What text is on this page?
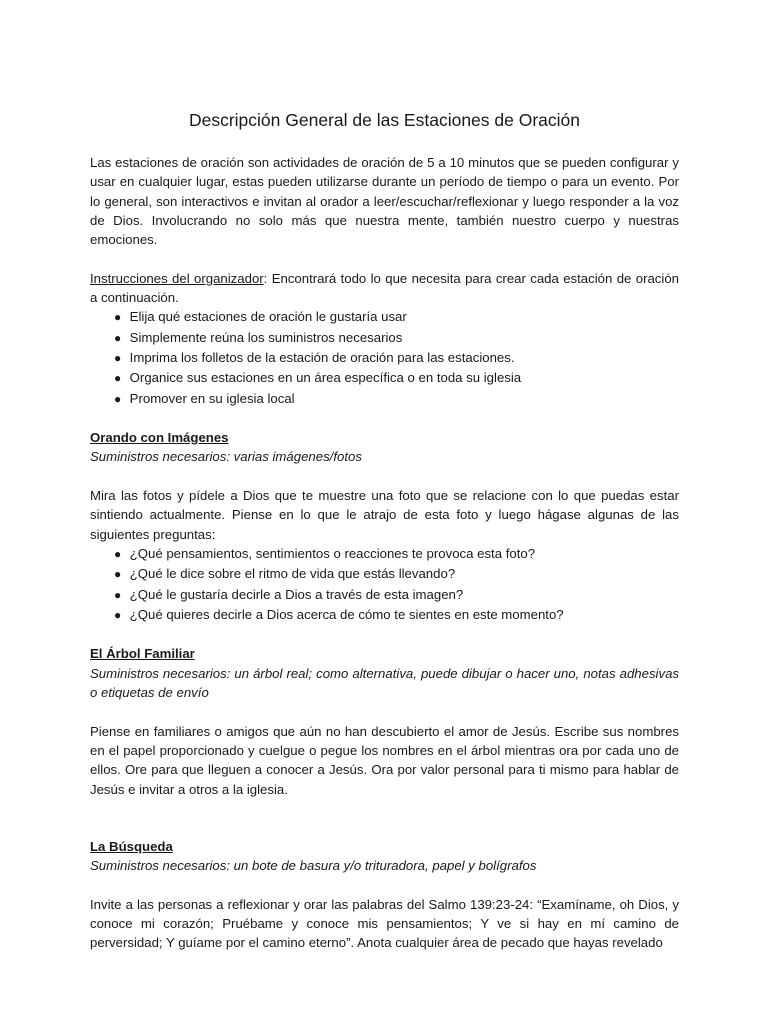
Descripción General de las Estaciones de Oración

Las estaciones de oración son actividades de oración de 5 a 10 minutos que se pueden configurar y usar en cualquier lugar, estas pueden utilizarse durante un período de tiempo o para un evento. Por lo general, son interactivos e invitan al orador a leer/escuchar/reflexionar y luego responder a la voz de Dios. Involucrando no solo más que nuestra mente, también nuestro cuerpo y nuestras emociones.

Instrucciones del organizador: Encontrará todo lo que necesita para crear cada estación de oración a continuación.

● Elija qué estaciones de oración le gustaría usar
● Simplemente reúna los suministros necesarios
● Imprima los folletos de la estación de oración para las estaciones.
● Organice sus estaciones en un área específica o en toda su iglesia
● Promover en su iglesia local
Orando con Imágenes

Suministros necesarios: varias imágenes/fotos

Mira las fotos y pídele a Dios que te muestre una foto que se relacione con lo que puedas estar sintiendo actualmente. Piense en lo que le atrajo de esta foto y luego hágase algunas de las siguientes preguntas:

● ¿Qué pensamientos, sentimientos o reacciones te provoca esta foto?
● ¿Qué le dice sobre el ritmo de vida que estás llevando?
● ¿Qué le gustaría decirle a Dios a través de esta imagen?
● ¿Qué quieres decirle a Dios acerca de cómo te sientes en este momento?
El Árbol Familiar

Suministros necesarios: un árbol real; como alternativa, puede dibujar o hacer uno, notas adhesivas o etiquetas de envío

Piense en familiares o amigos que aún no han descubierto el amor de Jesús. Escribe sus nombres en el papel proporcionado y cuelgue o pegue los nombres en el árbol mientras ora por cada uno de ellos. Ore para que lleguen a conocer a Jesús. Ora por valor personal para ti mismo para hablar de Jesús e invitar a otros a la iglesia.

La Búsqueda

Suministros necesarios: un bote de basura y/o trituradora, papel y bolígrafos

Invite a las personas a reflexionar y orar las palabras del Salmo 139:23-24: “Examíname, oh Dios, y conoce mi corazón; Pruébame y conoce mis pensamientos; Y ve si hay en mí camino de perversidad; Y guíame por el camino eterno”. Anota cualquier área de pecado que hayas revelado
